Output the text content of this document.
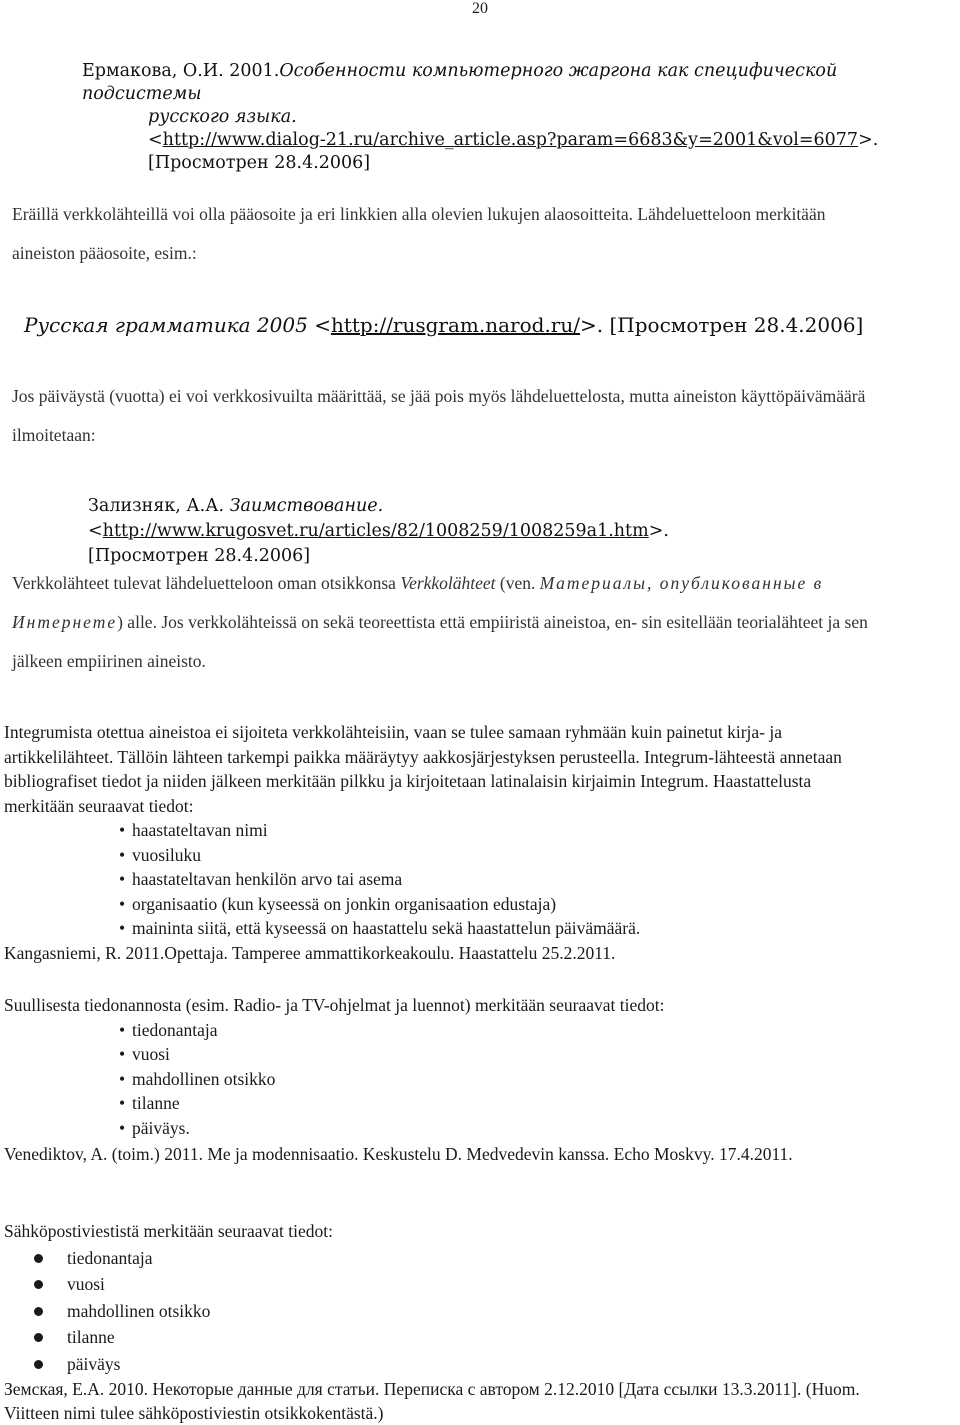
20
Ермакова, О.И. 2001.Особенности компьютерного жаргона как специфической подсистемы
русского языка.
<http://www.dialog-21.ru/archive_article.asp?param=6683&y=2001&vol=6077>.
[Просмотрен 28.4.2006]
Eräillä verkkolähteillä voi olla pääosoite ja eri linkkien alla olevien lukujen alaosoitteita. Lähdeluetteloon merkitään aineiston pääosoite, esim.:
Русская грамматика 2005 <http://rusgram.narod.ru/>. [Просмотрен 28.4.2006]
Jos päiväystä (vuotta) ei voi verkkosivuilta määrittää, se jää pois myös lähdeluettelosta, mutta aineiston käyttöpäivämäärä ilmoitetaan:
Зализняк, А.А. Заимствование. <http://www.krugosvet.ru/articles/82/1008259/1008259a1.htm>.
[Просмотрен 28.4.2006]
Verkkolähteet tulevat lähdeluetteloon oman otsikkonsa Verkkolähteet (ven. Материалы, опубликованные в Интернете) alle. Jos verkkolähteissä on sekä teoreettista että empiiristä aineistoa, en- sin esitellään teorialähteet ja sen jälkeen empiirinen aineisto.

Integrumista otettua aineistoa ei sijoiteta verkkolähteisiin, vaan se tulee samaan ryhmään kuin painetut kirja- ja artikkelilähteet. Tällöin lähteen tarkempi paikka määräytyy aakkosjärjestyksen perusteella. Integrum-lähteestä annetaan bibliografiset tiedot ja niiden jälkeen merkitään pilkku ja kirjoitetaan latinalaisin kirjaimin Integrum. Haastattelusta merkitään seuraavat tiedot:

• haastateltavan nimi
• vuosiluku
• haastateltavan henkilön arvo tai asema
• organisaatio (kun kyseessä on jonkin organisaation edustaja)
• maininta siitä, että kyseessä on haastattelu sekä haastattelun päivämäärä.

Kangasniemi, R. 2011.Opettaja. Tamperee ammattikorkeakoulu. Haastattelu 25.2.2011.

Suullisesta tiedonannosta (esim. Radio- ja TV-ohjelmat ja luennot) merkitään seuraavat tiedot:

• tiedonantaja
• vuosi
• mahdollinen otsikko
• tilanne
• päiväys.

Venediktov, A. (toim.) 2011. Me ja modennisaatio. Keskustelu D. Medvedevin kanssa. Echo Moskvy. 17.4.2011.

Sähköpostiviestistä merkitään seuraavat tiedot:

tiedonantaja
vuosi
mahdollinen otsikko
tilanne
päiväys

Земская, Е.А. 2010. Некоторые данные для статьи. Переписка с автором 2.12.2010 [Дата ссылки 13.3.2011]. (Huom. Viitteen nimi tulee sähköpostiviestin otsikkokentästä.)
